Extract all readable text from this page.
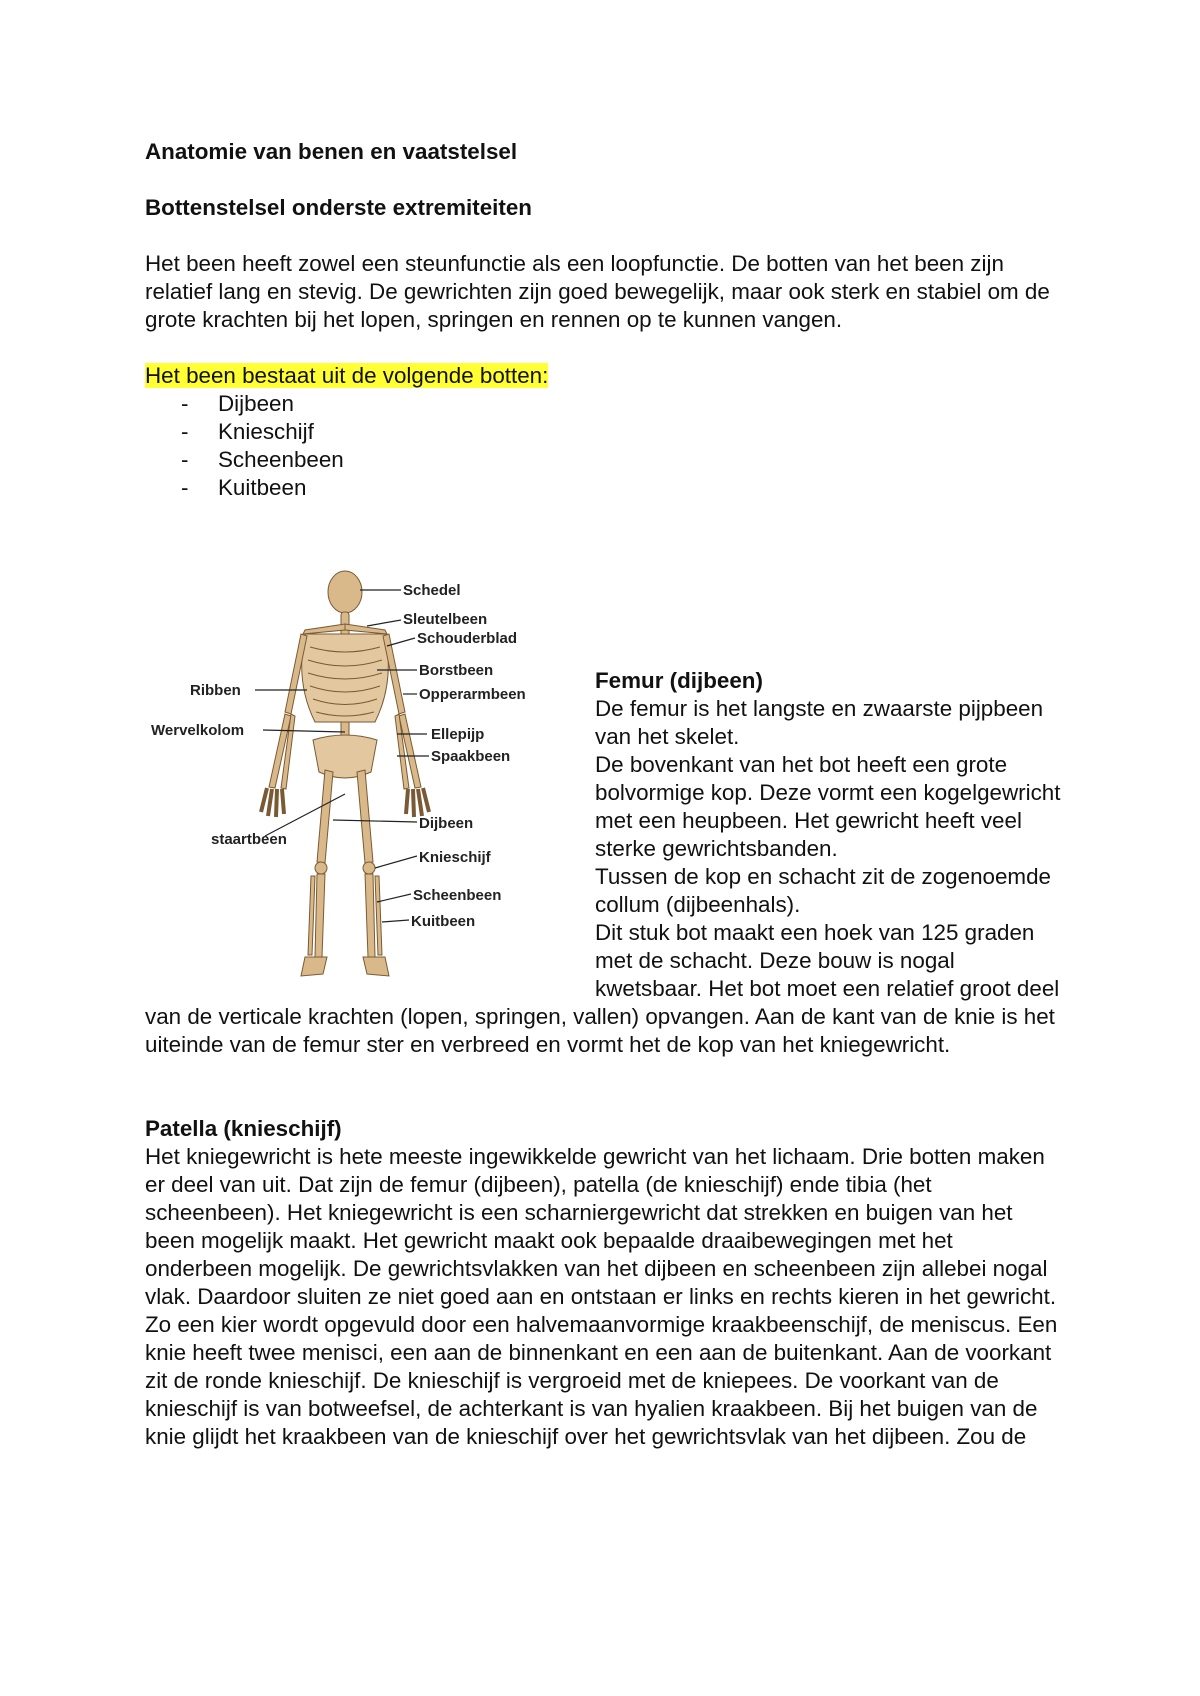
Anatomie van benen en vaatstelsel

Bottenstelsel onderste extremiteiten

Het been heeft zowel een steunfunctie als een loopfunctie. De botten van het been zijn relatief lang en stevig. De gewrichten zijn goed bewegelijk, maar ook sterk en stabiel om de grote krachten bij het lopen, springen en rennen op te kunnen vangen.

Het been bestaat uit de volgende botten:

- Dijbeen
- Knieschijf
- Scheenbeen
- Kuitbeen
Schedel
Sleutelbeen
Schouderblad
Borstbeen
Ribben	Opperarmbeen
Wervelkolom	Ellepijp
Spaakbeen
Dijbeen
staartbeen
Knieschijf
Scheenbeen
Kuitbeen

Femur (dijbeen)

De femur is het langste en zwaarste pijpbeen van het skelet.
De bovenkant van het bot heeft een grote bolvormige kop. Deze vormt een kogelgewricht met een heupbeen. Het gewricht heeft veel sterke gewrichtsbanden.
Tussen de kop en schacht zit de zogenoemde collum (dijbeenhals).
Dit stuk bot maakt een hoek van 125 graden met de schacht. Deze bouw is nogal kwetsbaar. Het bot moet een relatief groot deel van de verticale krachten (lopen, springen, vallen) opvangen. Aan de kant van de knie is het uiteinde van de femur ster en verbreed en vormt het de kop van het kniegewricht.

Patella (knieschijf)

Het kniegewricht is hete meeste ingewikkelde gewricht van het lichaam. Drie botten maken er deel van uit. Dat zijn de femur (dijbeen), patella (de knieschijf) ende tibia (het scheenbeen). Het kniegewricht is een scharniergewricht dat strekken en buigen van het been mogelijk maakt. Het gewricht maakt ook bepaalde draaibewegingen met het onderbeen mogelijk. De gewrichtsvlakken van het dijbeen en scheenbeen zijn allebei nogal vlak. Daardoor sluiten ze niet goed aan en ontstaan er links en rechts kieren in het gewricht. Zo een kier wordt opgevuld door een halvemaanvormige kraakbeenschijf, de meniscus. Een knie heeft twee menisci, een aan de binnenkant en een aan de buitenkant. Aan de voorkant zit de ronde knieschijf. De knieschijf is vergroeid met de kniepees. De voorkant van de knieschijf is van botweefsel, de achterkant is van hyalien kraakbeen. Bij het buigen van de knie glijdt het kraakbeen van de knieschijf over het gewrichtsvlak van het dijbeen. Zou de
